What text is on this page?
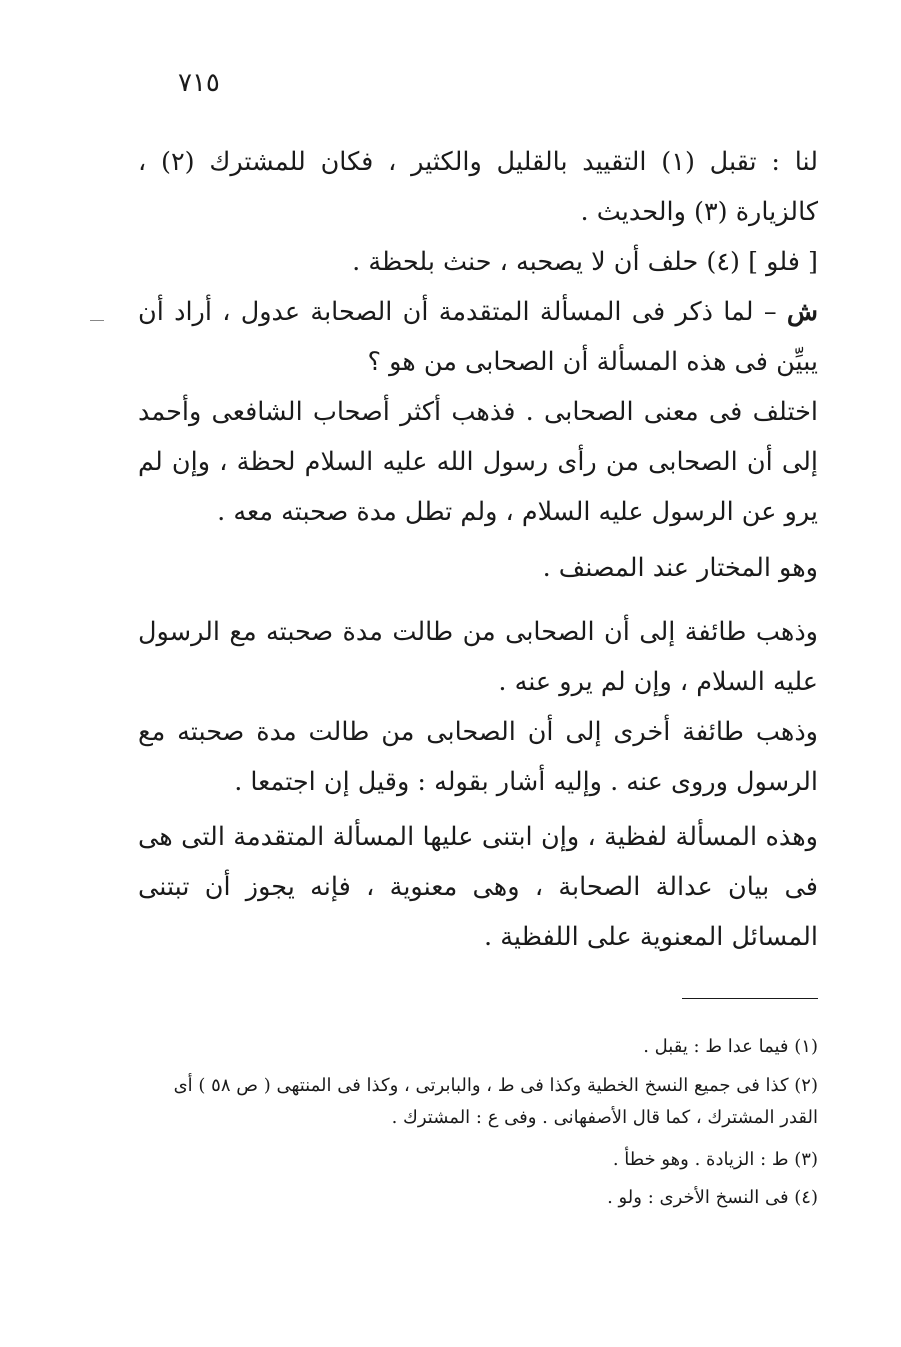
٧١٥

لنا : تقبل (١) التقييد بالقليل والكثير ، فكان للمشترك (٢) ، كالزيارة (٣) والحديث .

[ فلو ] (٤) حلف أن لا يصحبه ، حنث بلحظة .

ش – لما ذكر فى المسألة المتقدمة أن الصحابة عدول ، أراد أن يبيِّن فى هذه المسألة أن الصحابى من هو ؟

اختلف فى معنى الصحابى . فذهب أكثر أصحاب الشافعى وأحمد إلى أن الصحابى من رأى رسول الله عليه السلام لحظة ، وإن لم يرو عن الرسول عليه السلام ، ولم تطل مدة صحبته معه .

وهو المختار عند المصنف .

وذهب طائفة إلى أن الصحابى من طالت مدة صحبته مع الرسول عليه السلام ، وإن لم يرو عنه .

وذهب طائفة أخرى إلى أن الصحابى من طالت مدة صحبته مع الرسول وروى عنه . وإليه أشار بقوله : وقيل إن اجتمعا .

وهذه المسألة لفظية ، وإن ابتنى عليها المسألة المتقدمة التى هى فى بيان عدالة الصحابة ، وهى معنوية ، فإنه يجوز أن تبتنى المسائل المعنوية على اللفظية .

(١) فيما عدا ط : يقبل .

(٢) كذا فى جميع النسخ الخطية وكذا فى ط ، والبابرتى ، وكذا فى المنتهى ( ص ٥٨ ) أى القدر المشترك ، كما قال الأصفهانى . وفى ع : المشترك .

(٣) ط : الزيادة . وهو خطأ .

(٤) فى النسخ الأخرى : ولو .
